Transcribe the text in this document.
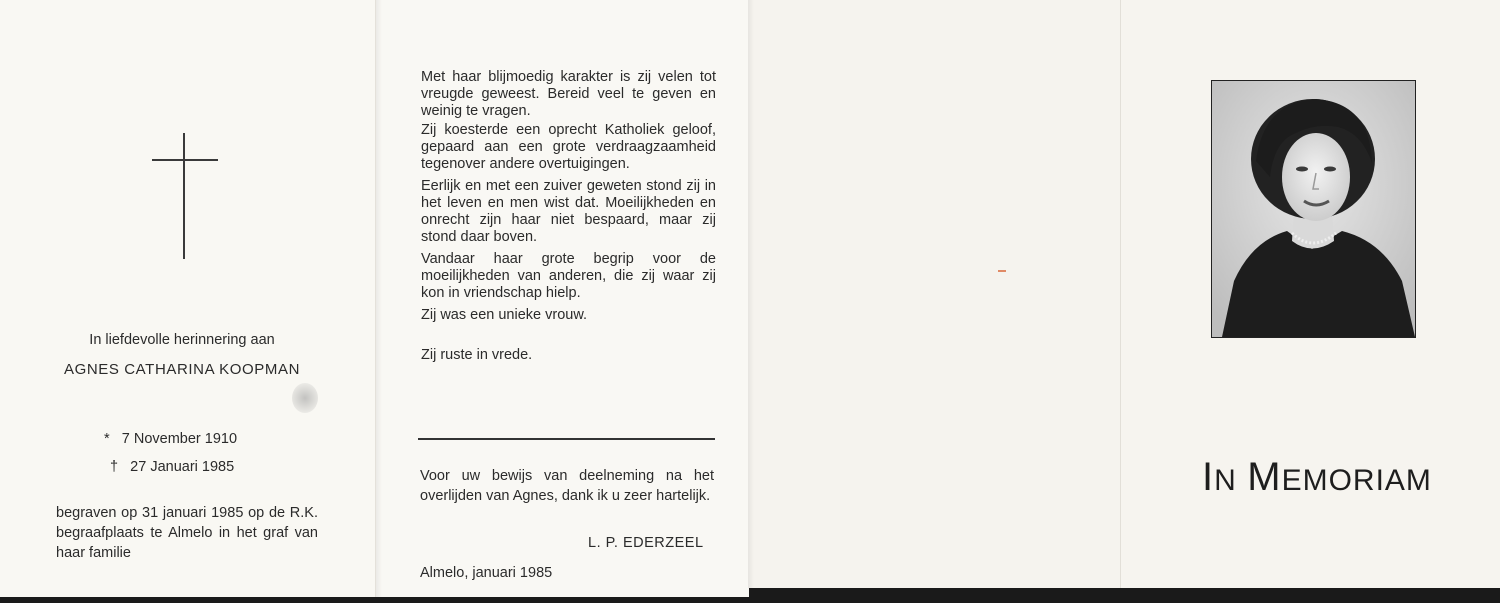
In liefdevolle herinnering aan
AGNES CATHARINA KOOPMAN
* 7 November 1910
† 27 Januari 1985
begraven op 31 januari 1985 op de R.K. begraafplaats te Almelo in het graf van haar familie

Met haar blijmoedig karakter is zij velen tot vreugde geweest. Bereid veel te geven en weinig te vragen.

Zij koesterde een oprecht Katholiek geloof, gepaard aan een grote verdraagzaamheid tegenover andere overtuigingen.

Eerlijk en met een zuiver geweten stond zij in het leven en men wist dat. Moeilijkheden en onrecht zijn haar niet bespaard, maar zij stond daar boven.

Vandaar haar grote begrip voor de moeilijkheden van anderen, die zij waar zij kon in vriendschap hielp.

Zij was een unieke vrouw.

Zij ruste in vrede.
Voor uw bewijs van deelneming na het overlijden van Agnes, dank ik u zeer hartelijk.
L. P. EDERZEEL
Almelo, januari 1985
IN MEMORIAM
